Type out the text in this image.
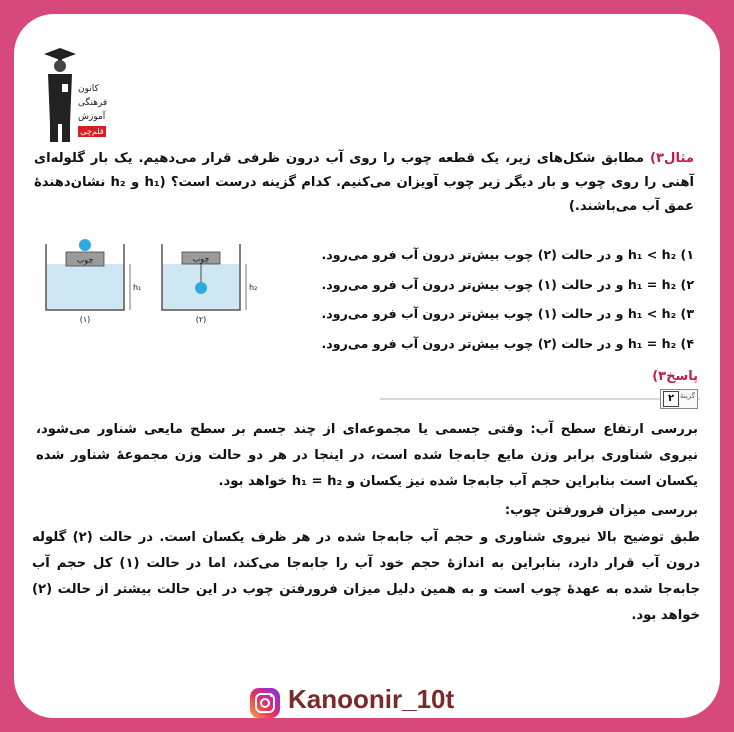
کانون
فرهنگی
آموزش
قلم‌چی
مثال۳) مطابق شکل‌های زیر، یک قطعه چوب را روی آب درون ظرفی قرار می‌دهیم. یک بار گلوله‌ای آهنی را روی چوب و بار دیگر زیر چوب آویزان می‌کنیم. کدام گزینه درست است؟ (h₁ و h₂ نشان‌دهندهٔ عمق آب می‌باشند.)
۱) h₁ < h₂ و در حالت (۲) چوب بیش‌تر درون آب فرو می‌رود.
۲) h₁ = h₂ و در حالت (۱) چوب بیش‌تر درون آب فرو می‌رود.
۳) h₁ < h₂ و در حالت (۱) چوب بیش‌تر درون آب فرو می‌رود.
۴) h₁ = h₂ و در حالت (۲) چوب بیش‌تر درون آب فرو می‌رود.
چوب
h₁
(۱)
چوب
h₂
(۲)
پاسخ۳)
گزینهٔ
۲
بررسی ارتفاع سطح آب: وقتی جسمی یا مجموعه‌ای از چند جسم بر سطح مایعی شناور می‌شود، نیروی شناوری برابر وزن مایع جابه‌جا شده است، در اینجا در هر دو حالت وزن مجموعهٔ شناور شده یکسان است بنابراین حجم آب جابه‌جا شده نیز یکسان و h₁ = h₂ خواهد بود.
بررسی میزان فرورفتن چوب:
طبق توضیح بالا نیروی شناوری و حجم آب جابه‌جا شده در هر ظرف یکسان است. در حالت (۲) گلوله درون آب قرار دارد، بنابراین به اندازهٔ حجم خود آب را جابه‌جا می‌کند، اما در حالت (۱) کل حجم آب جابه‌جا شده به عهدهٔ چوب است و به همین دلیل میزان فرورفتن چوب در این حالت بیشتر از حالت (۲) خواهد بود.
Kanoonir_10t
